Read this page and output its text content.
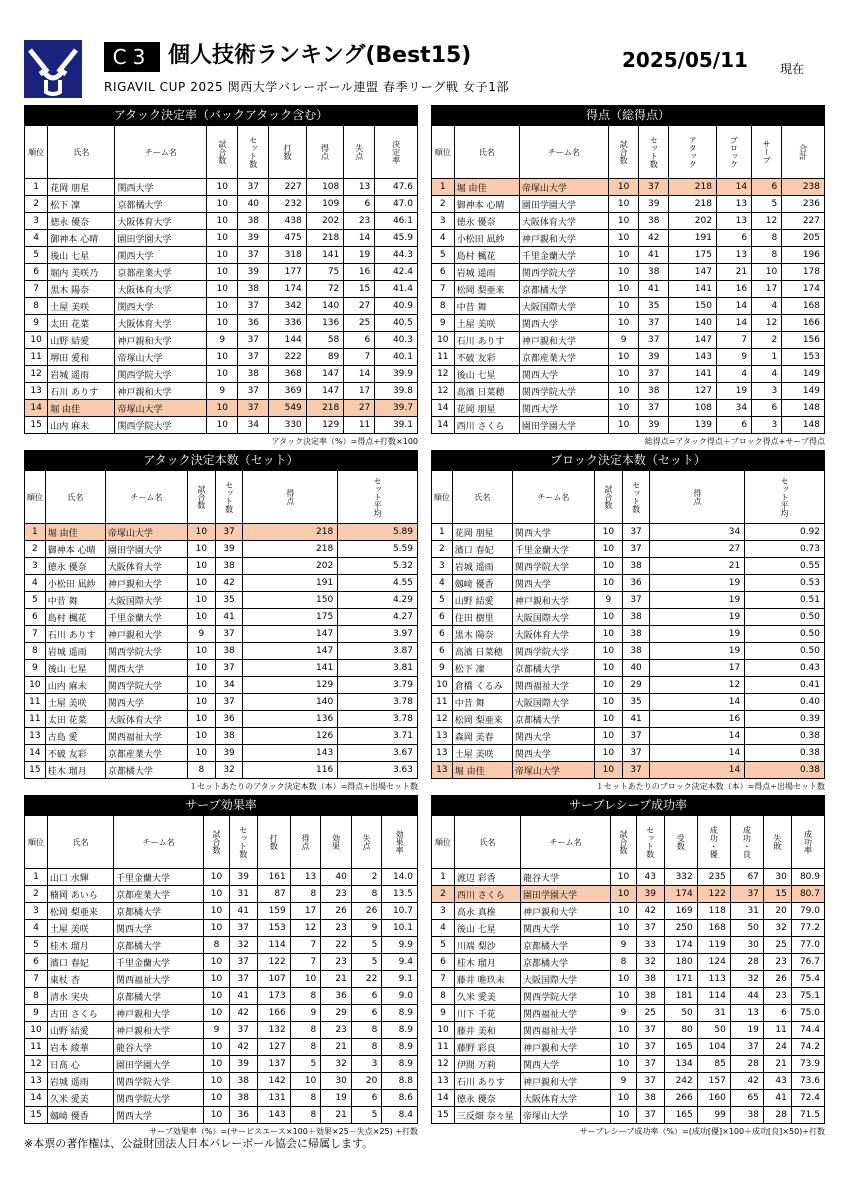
C3 個人技術ランキング(Best15)	2025/05/11	現在
RIGAVIL CUP 2025 関西大学バレーボール連盟 春季リーグ戦 女子1部
アタック決定率（バックアタック含む）
順位	氏名	チーム名	試合数	セット数	打数	得点	失点	決定率
1	花岡 朋星	関西大学	10	37	227	108	13	47.6
2	松下 凜	京都橘大学	10	40	232	109	6	47.0
3	徳永 優奈	大阪体育大学	10	38	438	202	23	46.1
4	御神本 心晴	園田学園大学	10	39	475	218	14	45.9
5	後山 七星	関西大学	10	37	318	141	19	44.3
6	堀内 美咲乃	京都産業大学	10	39	177	75	16	42.4
7	黒木 陽奈	大阪体育大学	10	38	174	72	15	41.4
8	土屋 美咲	関西大学	10	37	342	140	27	40.9
9	太田 花菜	大阪体育大学	10	36	336	136	25	40.5
10	山野 結愛	神戸親和大学	9	37	144	58	6	40.3
11	堺田 愛和	帝塚山大学	10	37	222	89	7	40.1
12	岩城 遥雨	関西学院大学	10	38	368	147	14	39.9
13	石川 ありす	神戸親和大学	9	37	369	147	17	39.8
14	堀 由佳	帝塚山大学	10	37	549	218	27	39.7
15	山内 麻未	関西学院大学	10	34	330	129	11	39.1
アタック決定率（%）=得点÷打数×100
得点（総得点）
順位	氏名	チーム名	試合数	セット数	アタック	ブロック	サーブ	合計
1	堀 由佳	帝塚山大学	10	37	218	14	6	238
2	御神本 心晴	園田学園大学	10	39	218	13	5	236
3	徳永 優奈	大阪体育大学	10	38	202	13	12	227
4	小松田 凪紗	神戸親和大学	10	42	191	6	8	205
5	島村 楓花	千里金蘭大学	10	41	175	13	8	196
6	岩城 遥雨	関西学院大学	10	38	147	21	10	178
7	松岡 梨亜来	京都橘大学	10	41	141	16	17	174
8	中昔 舞	大阪国際大学	10	35	150	14	4	168
9	土屋 美咲	関西大学	10	37	140	14	12	166
10	石川 ありす	神戸親和大学	9	37	147	7	2	156
11	不破 友彩	京都産業大学	10	39	143	9	1	153
12	後山 七星	関西大学	10	37	141	4	4	149
12	高濱 日菜穂	関西学院大学	10	38	127	19	3	149
14	花岡 朋星	関西大学	10	37	108	34	6	148
14	西川 さくら	園田学園大学	10	39	139	6	3	148
総得点=アタック得点＋ブロック得点+サーブ得点
アタック決定本数（セット）
順位	氏名	チーム名	試合数	セット数	得点	セット平均
1	堀 由佳	帝塚山大学	10	37	218	5.89
2	御神本 心晴	園田学園大学	10	39	218	5.59
3	徳永 優奈	大阪体育大学	10	38	202	5.32
4	小松田 凪紗	神戸親和大学	10	42	191	4.55
5	中昔 舞	大阪国際大学	10	35	150	4.29
6	島村 楓花	千里金蘭大学	10	41	175	4.27
7	石川 ありす	神戸親和大学	9	37	147	3.97
8	岩城 遥雨	関西学院大学	10	38	147	3.87
9	後山 七星	関西大学	10	37	141	3.81
10	山内 麻未	関西学院大学	10	34	129	3.79
11	土屋 美咲	関西大学	10	37	140	3.78
11	太田 花菜	大阪体育大学	10	36	136	3.78
13	古島 愛	関西福祉大学	10	38	126	3.71
14	不破 友彩	京都産業大学	10	39	143	3.67
15	桂木 瑠月	京都橘大学	8	32	116	3.63
１セットあたりのアタック決定本数（本）=得点÷出場セット数
ブロック決定本数（セット）
順位	氏名	チーム名	試合数	セット数	得点	セット平均
1	花岡 朋星	関西大学	10	37	34	0.92
2	濱口 春妃	千里金蘭大学	10	37	27	0.73
3	岩城 遥雨	関西学院大学	10	38	21	0.55
4	劔﨑 優香	関西大学	10	36	19	0.53
5	山野 結愛	神戸親和大学	9	37	19	0.51
6	住田 樹里	大阪国際大学	10	38	19	0.50
6	黒木 陽奈	大阪体育大学	10	38	19	0.50
6	高濱 日菜穂	関西学院大学	10	38	19	0.50
9	松下 凜	京都橘大学	10	40	17	0.43
10	倉橋 くるみ	関西福祉大学	10	29	12	0.41
11	中昔 舞	大阪国際大学	10	35	14	0.40
12	松岡 梨亜来	京都橘大学	10	41	16	0.39
13	森岡 美春	関西大学	10	37	14	0.38
13	土屋 美咲	関西大学	10	37	14	0.38
13	堀 由佳	帝塚山大学	10	37	14	0.38
１セットあたりのブロック決定本数（本）=得点÷出場セット数
サーブ効果率
順位	氏名	チーム名	試合数	セット数	打数	得点	効果	失点	効果率
1	山口 水輝	千里金蘭大学	10	39	161	13	40	2	14.0
2	楠岡 あいら	京都産業大学	10	31	87	8	23	8	13.5
3	松岡 梨亜来	京都橘大学	10	41	159	17	26	26	10.7
4	土屋 美咲	関西大学	10	37	153	12	23	9	10.1
5	桂木 瑠月	京都橘大学	8	32	114	7	22	5	9.9
6	濱口 春妃	千里金蘭大学	10	37	122	7	23	5	9.4
7	東杖 杏	関西福祉大学	10	37	107	10	21	22	9.1
8	清水 実央	京都橘大学	10	41	173	8	36	6	9.0
9	古田 さくら	神戸親和大学	10	42	166	9	29	6	8.9
10	山野 結愛	神戸親和大学	9	37	132	8	23	8	8.9
11	岩本 綾華	龍谷大学	10	42	127	8	21	8	8.9
12	日髙 心	園田学園大学	10	39	137	5	32	3	8.9
13	岩城 遥雨	関西学院大学	10	38	142	10	30	20	8.8
14	久米 愛美	関西学院大学	10	38	131	8	19	6	8.6
15	劔﨑 優香	関西大学	10	36	143	8	21	5	8.4
サーブ効果率（%）=(サービスエース×100＋効果×25－失点×25) ÷打数
サーブレシーブ成功率
順位	氏名	チーム名	試合数	セット数	受数	成功・優	成功・良	失敗	成功率
1	渡辺 彩香	龍谷大学	10	43	332	235	67	30	80.9
2	西川 さくら	園田学園大学	10	39	174	122	37	15	80.7
3	高永 真椎	神戸親和大学	10	42	169	118	31	20	79.0
4	後山 七星	関西大学	10	37	250	168	50	32	77.2
5	川端 梨沙	京都橘大学	9	33	174	119	30	25	77.0
6	桂木 瑠月	京都橘大学	8	32	180	124	28	23	76.7
7	藤井 唯玖未	大阪国際大学	10	38	171	113	32	26	75.4
8	久米 愛美	関西学院大学	10	38	181	114	44	23	75.1
9	川下 千花	関西福祉大学	9	25	50	31	13	6	75.0
10	藤井 美和	関西福祉大学	10	37	80	50	19	11	74.4
11	藤野 彩良	神戸親和大学	10	37	165	104	37	24	74.2
12	伊間 万莉	関西大学	10	37	134	85	28	21	73.9
13	石川 ありす	神戸親和大学	9	37	242	157	42	43	73.6
14	徳永 優奈	大阪体育大学	10	38	266	160	65	41	72.4
15	三反畑 奈々星	帝塚山大学	10	37	165	99	38	28	71.5
サーブレシーブ成功率（%）=(成功[優]×100＋成功[良]×50)÷打数
※本票の著作権は、公益財団法人日本バレーボール協会に帰属します。
